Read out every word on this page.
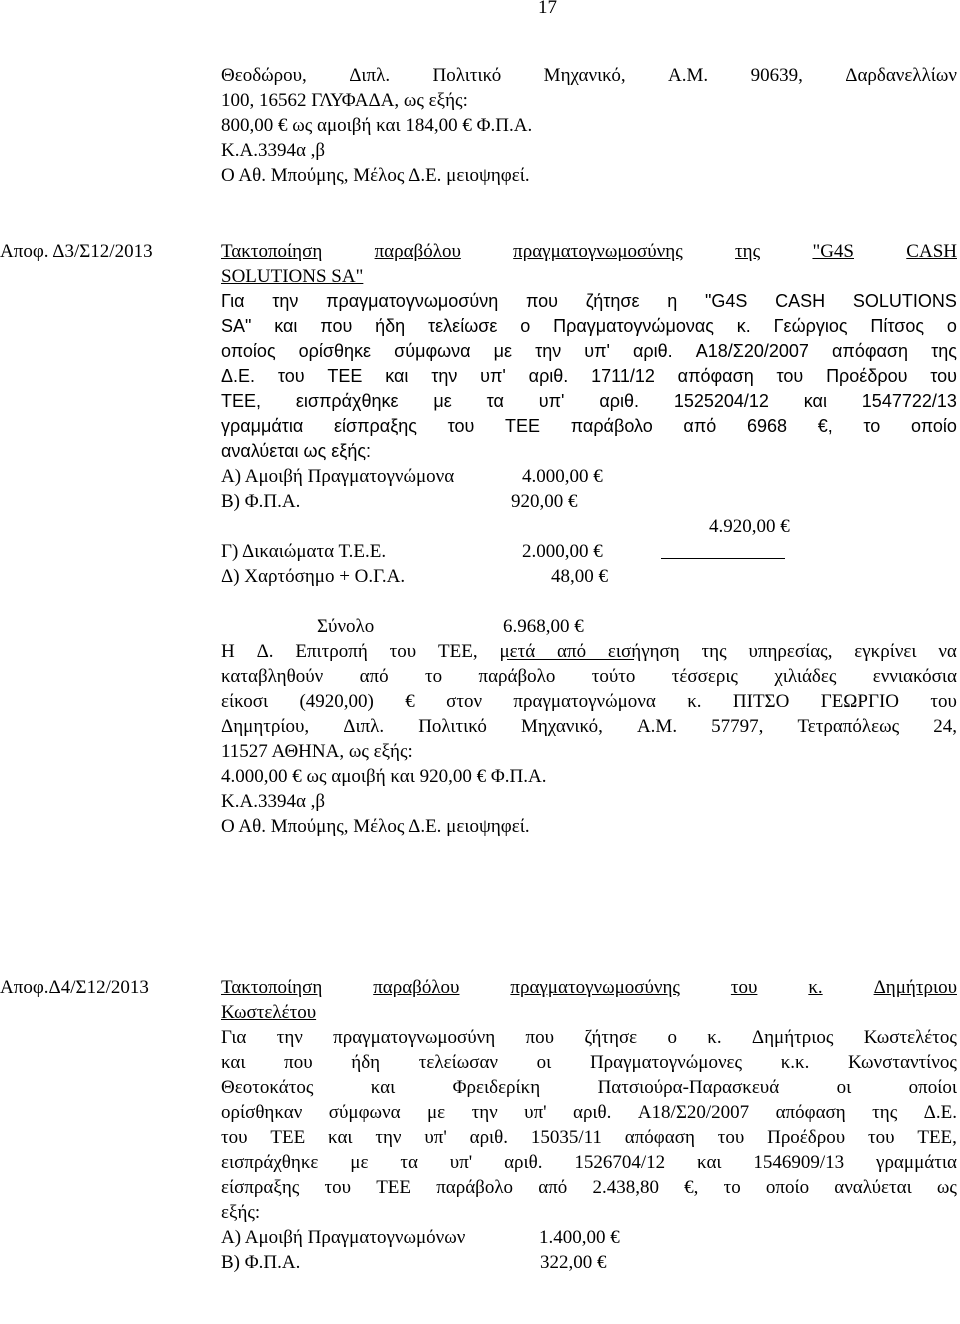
17
Θεοδώρου, Διπλ. Πολιτικό Μηχανικό, Α.Μ. 90639, Δαρδανελλίων
100, 16562 ΓΛΥΦΑΔΑ, ως εξής:
800,00 € ως αμοιβή και 184,00 € Φ.Π.Α.
Κ.Α.3394α ,β
Ο Αθ. Μπούμης, Μέλος Δ.Ε. μειοψηφεί.
Αποφ. Δ3/Σ12/2013	Τακτοποίηση	παραβόλου	πραγματογνωμοσύνης	της	"G4S	CASH
SOLUTIONS SA"
Για την πραγματογνωμοσύνη που ζήτησε η "G4S CASH SOLUTIONS
SA" και που ήδη τελείωσε ο Πραγματογνώμονας κ. Γεώργιος Πίτσος ο
οποίος ορίσθηκε σύμφωνα με την υπ' αριθ. Α18/Σ20/2007 απόφαση της
Δ.Ε. του ΤΕΕ και την υπ' αριθ. 1711/12 απόφαση του Προέδρου του
ΤΕΕ, εισπράχθηκε με τα υπ' αριθ. 1525204/12 και 1547722/13
γραμμάτια είσπραξης του ΤΕΕ παράβολο από 6968 €, το οποίο
αναλύεται ως εξής:
Α) Αμοιβή Πραγματογνώμονα	4.000,00 €
Β) Φ.Π.Α.	920,00 €
4.920,00 €
Γ) Δικαιώματα Τ.Ε.Ε.	2.000,00 €
Δ) Χαρτόσημο + Ο.Γ.Α.	48,00 €
Σύνολο	6.968,00 €
Η Δ. Επιτροπή του ΤΕΕ, μετά από εισήγηση της υπηρεσίας, εγκρίνει να
καταβληθούν από το παράβολο τούτο τέσσερις χιλιάδες εννιακόσια
είκοσι (4920,00) € στον πραγματογνώμονα κ. ΠΙΤΣΟ ΓΕΩΡΓΙΟ του
Δημητρίου, Διπλ. Πολιτικό Μηχανικό, Α.Μ. 57797, Τετραπόλεως 24,
11527 ΑΘΗΝΑ, ως εξής:
4.000,00 € ως αμοιβή και 920,00 € Φ.Π.Α.
Κ.Α.3394α ,β
Ο Αθ. Μπούμης, Μέλος Δ.Ε. μειοψηφεί.
Αποφ.Δ4/Σ12/2013	Τακτοποίηση	παραβόλου	πραγματογνωμοσύνης	του	κ.	Δημήτριου
Κωστελέτου
Για την πραγματογνωμοσύνη που ζήτησε ο κ. Δημήτριος Κωστελέτος
και που ήδη τελείωσαν οι Πραγματογνώμονες κ.κ. Κωνσταντίνος
Θεοτοκάτος	και	Φρειδερίκη	Πατσιούρα-Παρασκευά	οι	οποίοι
ορίσθηκαν σύμφωνα με την υπ' αριθ. Α18/Σ20/2007 απόφαση της Δ.Ε.
του ΤΕΕ και την υπ' αριθ. 15035/11 απόφαση του Προέδρου του ΤΕΕ,
εισπράχθηκε με τα υπ' αριθ. 1526704/12 και 1546909/13 γραμμάτια
είσπραξης του ΤΕΕ παράβολο από 2.438,80 €, το οποίο αναλύεται ως
εξής:
Α) Αμοιβή Πραγματογνωμόνων	1.400,00 €
Β) Φ.Π.Α.	322,00 €
